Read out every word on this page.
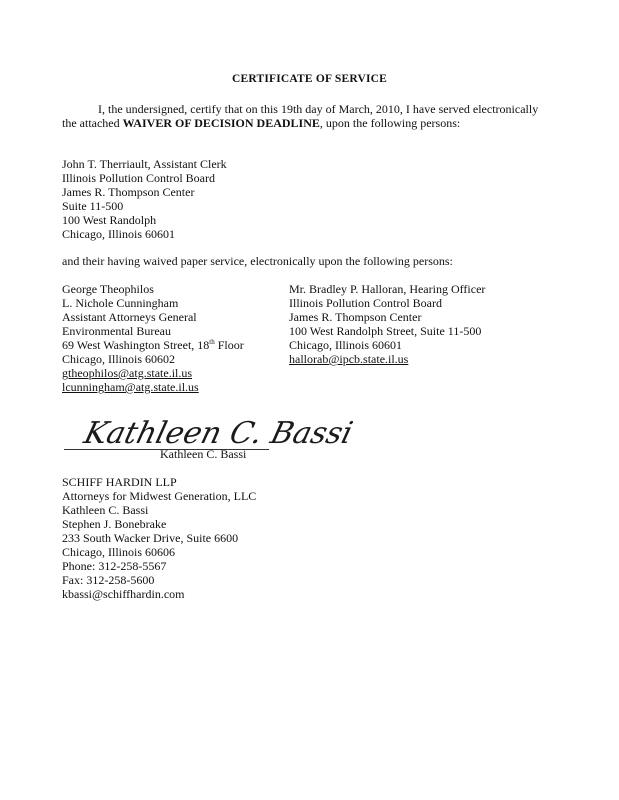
CERTIFICATE OF SERVICE
I, the undersigned, certify that on this 19th day of March, 2010, I have served electronically the attached WAIVER OF DECISION DEADLINE, upon the following persons:
John T. Therriault, Assistant Clerk
Illinois Pollution Control Board
James R. Thompson Center
Suite 11-500
100 West Randolph
Chicago, Illinois 60601
and their having waived paper service, electronically upon the following persons:
George Theophilos
L. Nichole Cunningham
Assistant Attorneys General
Environmental Bureau
69 West Washington Street, 18th Floor
Chicago, Illinois 60602
gtheophilos@atg.state.il.us
lcunningham@atg.state.il.us
Mr. Bradley P. Halloran, Hearing Officer
Illinois Pollution Control Board
James R. Thompson Center
100 West Randolph Street, Suite 11-500
Chicago, Illinois 60601
hallorab@ipcb.state.il.us
Kathleen C. Bassi
Kathleen C. Bassi
SCHIFF HARDIN LLP
Attorneys for Midwest Generation, LLC
Kathleen C. Bassi
Stephen J. Bonebrake
233 South Wacker Drive, Suite 6600
Chicago, Illinois 60606
Phone: 312-258-5567
Fax: 312-258-5600
kbassi@schiffhardin.com
